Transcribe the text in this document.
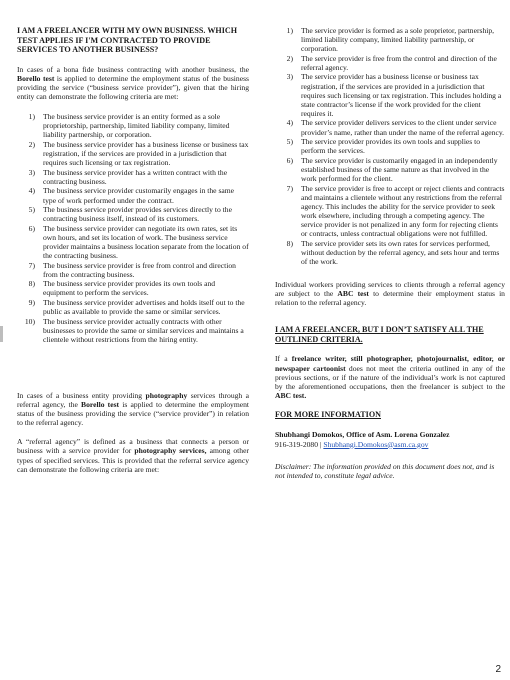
I AM A FREELANCER WITH MY OWN BUSINESS. WHICH TEST APPLIES IF I'M CONTRACTED TO PROVIDE SERVICES TO ANOTHER BUSINESS?

In cases of a bona fide business contracting with another business, the Borello test is applied to determine the employment status of the business providing the service (“business service provider”), given that the hiring entity can demonstrate the following criteria are met:

1)	The business service provider is an entity formed as a sole proprietorship, partnership, limited liability company, limited liability partnership, or corporation.
2)	The business service provider has a business license or business tax registration, if the services are provided in a jurisdiction that requires such licensing or tax registration.
3)	The business service provider has a written contract with the contracting business.
4)	The business service provider customarily engages in the same type of work performed under the contract.
5)	The business service provider provides services directly to the contracting business itself, instead of its customers.
6)	The business service provider can negotiate its own rates, set its own hours, and set its location of work. The business service provider maintains a business location separate from the location of the contracting business.
7)	The business service provider is free from control and direction from the contracting business.
8)	The business service provider provides its own tools and equipment to perform the services.
9)	The business service provider advertises and holds itself out to the public as available to provide the same or similar services.
10)	The business service provider actually contracts with other businesses to provide the same or similar services and maintains a clientele without restrictions from the hiring entity.

In cases of a business entity providing photography services through a referral agency, the Borello test is applied to determine the employment status of the business providing the service (“service provider”) in relation to the referral agency.

A “referral agency” is defined as a business that connects a person or business with a service provider for photography services, among other types of specified services. This is provided that the referral service agency can demonstrate the following criteria are met:

1)	The service provider is formed as a sole proprietor, partnership, limited liability company, limited liability partnership, or corporation.
2)	The service provider is free from the control and direction of the referral agency.
3)	The service provider has a business license or business tax registration, if the services are provided in a jurisdiction that requires such licensing or tax registration. This includes holding a state contractor’s license if the work provided for the client requires it.
4)	The service provider delivers services to the client under service provider’s name, rather than under the name of the referral agency.
5)	The service provider provides its own tools and supplies to perform the services.
6)	The service provider is customarily engaged in an independently established business of the same nature as that involved in the work performed for the client.
7)	The service provider is free to accept or reject clients and contracts and maintains a clientele without any restrictions from the referral agency. This includes the ability for the service provider to seek work elsewhere, including through a competing agency. The service provider is not penalized in any form for rejecting clients or contracts, unless contractual obligations were not fulfilled.
8)	The service provider sets its own rates for services performed, without deduction by the referral agency, and sets hour and terms of the work.

Individual workers providing services to clients through a referral agency are subject to the ABC test to determine their employment status in relation to the referral agency.

I AM A FREELANCER, BUT I DON’T SATISFY ALL THE OUTLINED CRITERIA.

If a freelance writer, still photographer, photojournalist, editor, or newspaper cartoonist does not meet the criteria outlined in any of the previous sections, or if the nature of the individual’s work is not captured by the aforementioned occupations, then the freelancer is subject to the ABC test.

FOR MORE INFORMATION
Shubhangi Domokos, Office of Asm. Lorena Gonzalez
916-319-2080 | Shubhangi.Domokos@asm.ca.gov

Disclaimer: The information provided on this document does not, and is not intended to, constitute legal advice.

2
